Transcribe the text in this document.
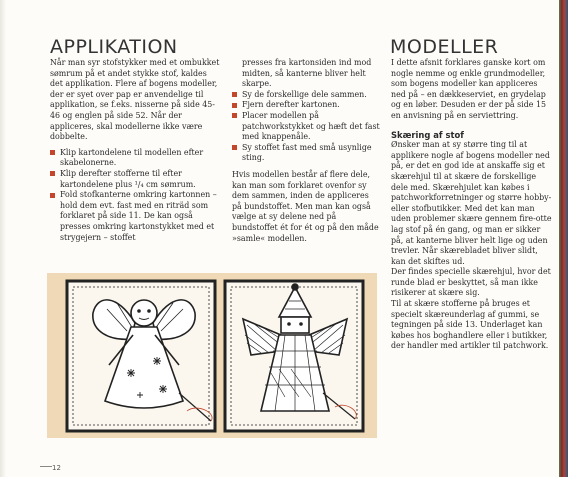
APPLIKATION	MODELLER

Når man syr stofstykker med et ombukket sømrum på et andet stykke stof, kaldes det applikation. Flere af bogens modeller, der er syet over pap er anvendelige til applikation, se f.eks. nisserne på side 45-46 og englen på side 52. Når der appliceres, skal modellerne ikke være dobbelte.

Klip kartondelene til modellen efter skabelonerne.
Klip derefter stofferne til efter kartondelene plus ¹/₄ cm sømrum.
Fold stofkanterne omkring kartonnen – hold dem evt. fast med en riträd som forklaret på side 11. De kan også presses omkring kartonstykket med et strygejern – stoffet
presses fra kartonsiden ind mod midten, så kanterne bliver helt skarpe.
Sy de forskellige dele sammen.
Fjern derefter kartonen.
Placer modellen på patchworkstykket og hæft det fast med knappenåle.
Sy stoffet fast med små usynlige sting.

Hvis modellen består af flere dele, kan man som forklaret ovenfor sy dem sammen, inden de appliceres på bundstoffet. Men man kan også vælge at sy delene ned på bundstoffet ét for ét og på den måde »samle« modellen.

I dette afsnit forklares ganske kort om nogle nemme og enkle grundmodeller, som bogens modeller kan appliceres ned på – en dækkeserviet, en grydelap og en løber. Desuden er der på side 15 en anvisning på en serviettring.

Skæring af stof

Ønsker man at sy større ting til at applikere nogle af bogens modeller ned på, er det en god ide at anskaffe sig et skærehjul til at skære de forskellige dele med. Skærehjulet kan købes i patchworkforretninger og større hobby- eller stofbutikker. Med det kan man uden problemer skære gennem fire-otte lag stof på én gang, og man er sikker på, at kanterne bliver helt lige og uden trevler. Når skærebladet bliver slidt, kan det skiftes ud.

Der findes specielle skærehjul, hvor det runde blad er beskyttet, så man ikke risikerer at skære sig.

Til at skære stofferne på bruges et specielt skæreunderlag af gummi, se tegningen på side 13. Underlaget kan købes hos boghandlere eller i butikker, der handler med artikler til patchwork.

12
